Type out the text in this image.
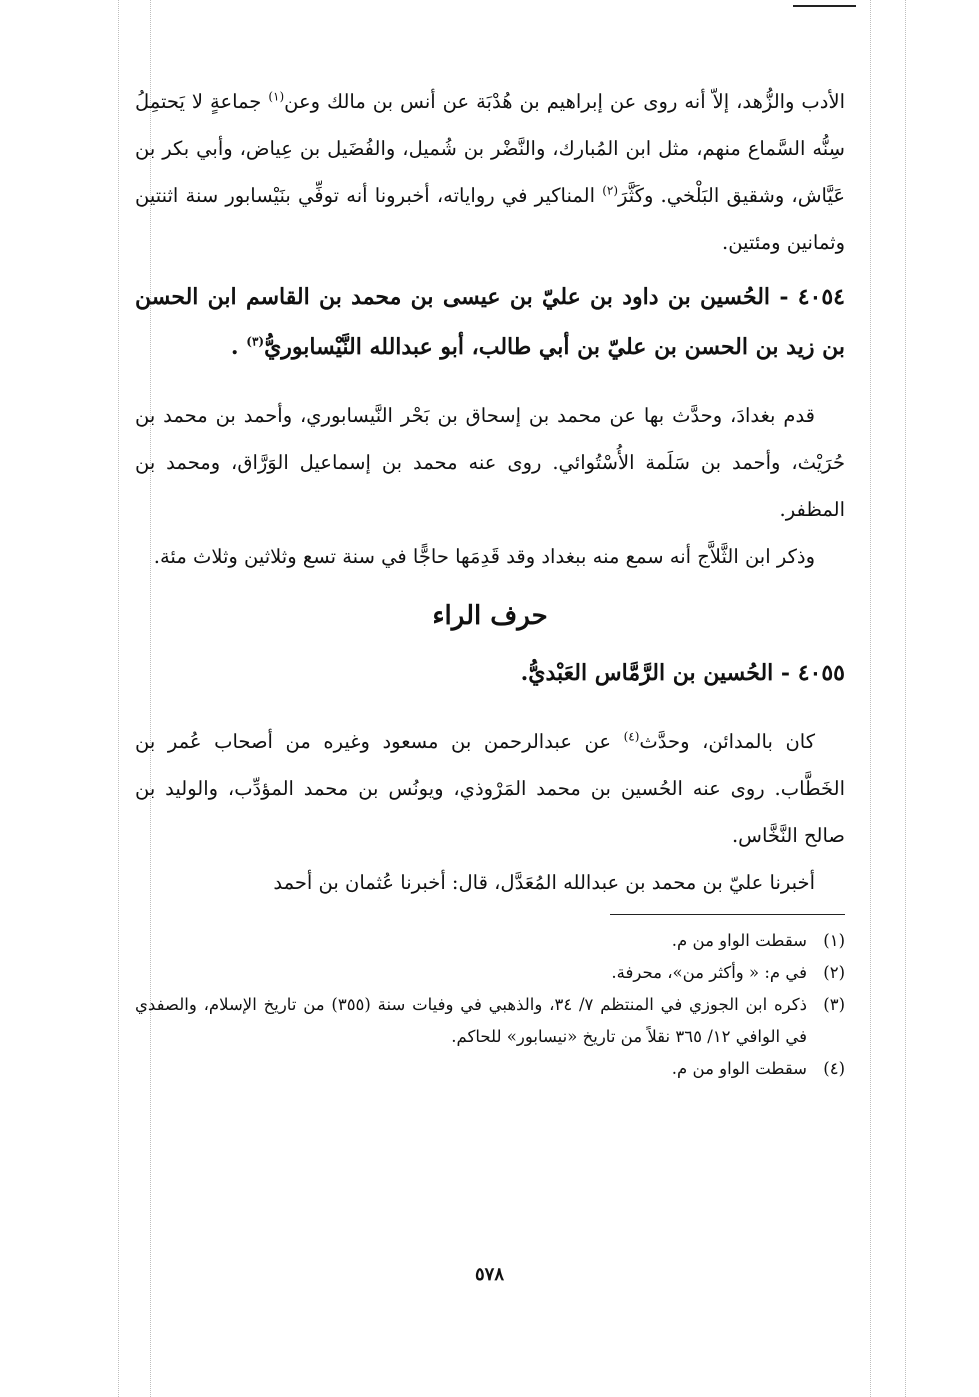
الأدب والزُّهد، إلاّ أنه روى عن إبراهيم بن هُدْبَة عن أنس بن مالك وعن$^{(١)}$ جماعةٍ لا يَحتمِلُ سِنُّه السَّماع منهم، مثل ابن المُبارك، والنَّضْر بن شُميل، والفُضَيل بن عِياض، وأبي بكر بن عَيَّاش، وشقيق البَلْخي. وكَثَّرَ$^{(٢)}$ المناكير في رواياته، أخبرونا أنه توفِّي بنَيْسابور سنة اثنتين وثمانين ومئتين.

٤٠٥٤ - الحُسين بن داود بن عليّ بن عيسى بن محمد بن القاسم ابن الحسن بن زيد بن الحسن بن عليّ بن أبي طالب، أبو عبدالله النَّيْسابوريُّ$^{(٣)}$ .

قدم بغدادَ، وحدَّث بها عن محمد بن إسحاق بن بَحْر النَّيسابوري، وأحمد بن محمد بن حُرَيْث، وأحمد بن سَلَمة الأُسْتُوائي. روى عنه محمد بن إسماعيل الوَرَّاق، ومحمد بن المظفر.

وذكر ابن الثَّلاَّج أنه سمع منه ببغداد وقد قَدِمَها حاجًّا في سنة تسع وثلاثين وثلاث مئة.

حرف الراء

٤٠٥٥ - الحُسين بن الرَّمَّاس العَبْديُّ.

كان بالمدائن، وحدَّث$^{(٤)}$ عن عبدالرحمن بن مسعود وغيره من أصحاب عُمر بن الخَطَّاب. روى عنه الحُسين بن محمد المَرْوذي، ويونُس بن محمد المؤدِّب، والوليد بن صالح النَّخَّاس.

أخبرنا عليّ بن محمد بن عبدالله المُعَدَّل، قال: أخبرنا عُثمان بن أحمد

(١)
سقطت الواو من م.
(٢)
في م: « وأكثر من»، محرفة.
(٣)
ذكره ابن الجوزي في المنتظم ٧/ ٣٤، والذهبي في وفيات سنة (٣٥٥) من تاريخ الإسلام، والصفدي في الوافي ١٢/ ٣٦٥ نقلاً من تاريخ «نيسابور» للحاكم.
(٤)
سقطت الواو من م.
٥٧٨
